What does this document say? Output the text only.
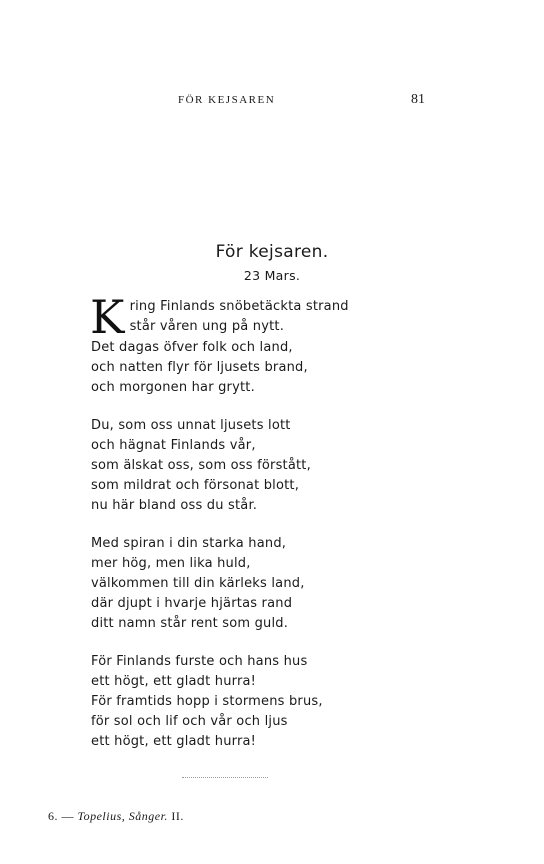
FÖR KEJSAREN	81
För kejsaren.
23 Mars.
K ring Finlands snöbetäckta strand
står våren ung på nytt.
Det dagas öfver folk och land,
och natten flyr för ljusets brand,
och morgonen har grytt.
Du, som oss unnat ljusets lott
och hägnat Finlands vår,
som älskat oss, som oss förstått,
som mildrat och försonat blott,
nu här bland oss du står.
Med spiran i din starka hand,
mer hög, men lika huld,
välkommen till din kärleks land,
där djupt i hvarje hjärtas rand
ditt namn står rent som guld.
För Finlands furste och hans hus
ett högt, ett gladt hurra!
För framtids hopp i stormens brus,
för sol och lif och vår och ljus
ett högt, ett gladt hurra!
6. — Topelius, Sånger. II.
